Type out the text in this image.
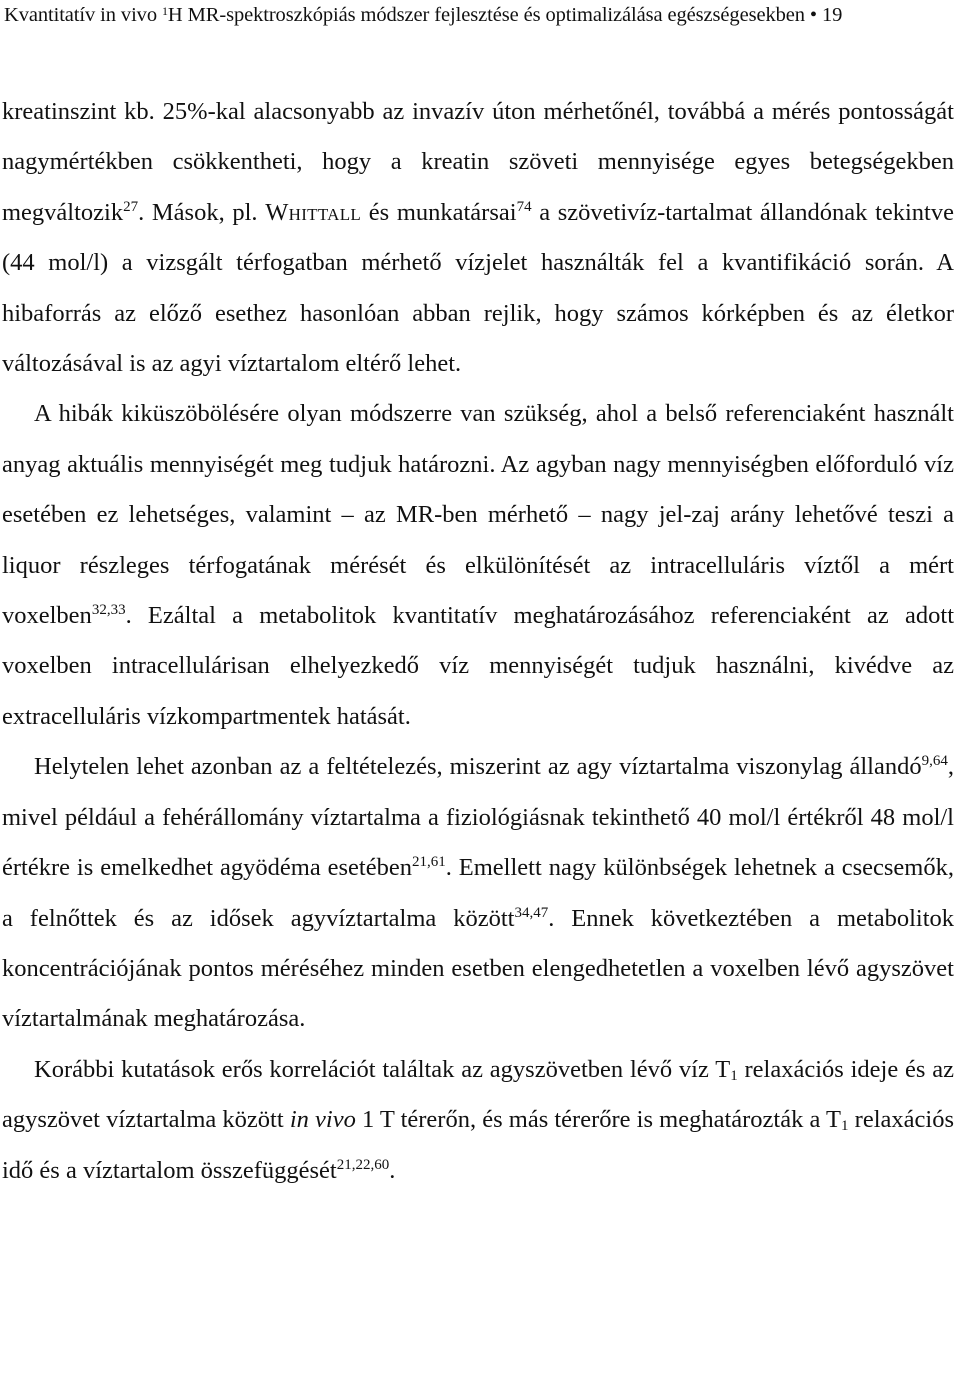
Kvantitatív in vivo $^1$H MR-spektroszkópiás módszer fejlesztése és optimalizálása egészségesekben • 19

kreatinszint kb. 25%-kal alacsonyabb az invazív úton mérhetőnél, továbbá a mérés pontosságát nagymértékben csökkentheti, hogy a kreatin szöveti mennyisége egyes betegségekben megváltozik$^{27}$. Mások, pl. Whittall és munkatársai$^{74}$ a szövetivíz-tartalmat állandónak tekintve (44 mol/l) a vizsgált térfogatban mérhető vízjelet használták fel a kvantifikáció során. A hibaforrás az előző esethez hasonlóan abban rejlik, hogy számos kórképben és az életkor változásával is az agyi víztartalom eltérő lehet.

A hibák kiküszöbölésére olyan módszerre van szükség, ahol a belső referenciaként használt anyag aktuális mennyiségét meg tudjuk határozni. Az agyban nagy mennyiségben előforduló víz esetében ez lehetséges, valamint – az MR-ben mérhető – nagy jel-zaj arány lehetővé teszi a liquor részleges térfogatának mérését és elkülönítését az intracelluláris víztől a mért voxelben$^{32,33}$. Ezáltal a metabolitok kvantitatív meghatározásához referenciaként az adott voxelben intracellulárisan elhelyezkedő víz mennyiségét tudjuk használni, kivédve az extracelluláris vízkompartmentek hatását.

Helytelen lehet azonban az a feltételezés, miszerint az agy víztartalma viszonylag állandó$^{9,64}$, mivel például a fehérállomány víztartalma a fiziológiásnak tekinthető 40 mol/l értékről 48 mol/l értékre is emelkedhet agyödéma esetében$^{21,61}$. Emellett nagy különbségek lehetnek a csecsemők, a felnőttek és az idősek agyvíztartalma között$^{34,47}$. Ennek következtében a metabolitok koncentrációjának pontos méréséhez minden esetben elengedhetetlen a voxelben lévő agyszövet víztartalmának meghatározása.

Korábbi kutatások erős korrelációt találtak az agyszövetben lévő víz $T_1$ relaxációs ideje és az agyszövet víztartalma között in vivo 1 T térerőn, és más térerőre is meghatározták a $T_1$ relaxációs idő és a víztartalom összefüggését$^{21,22,60}$.
